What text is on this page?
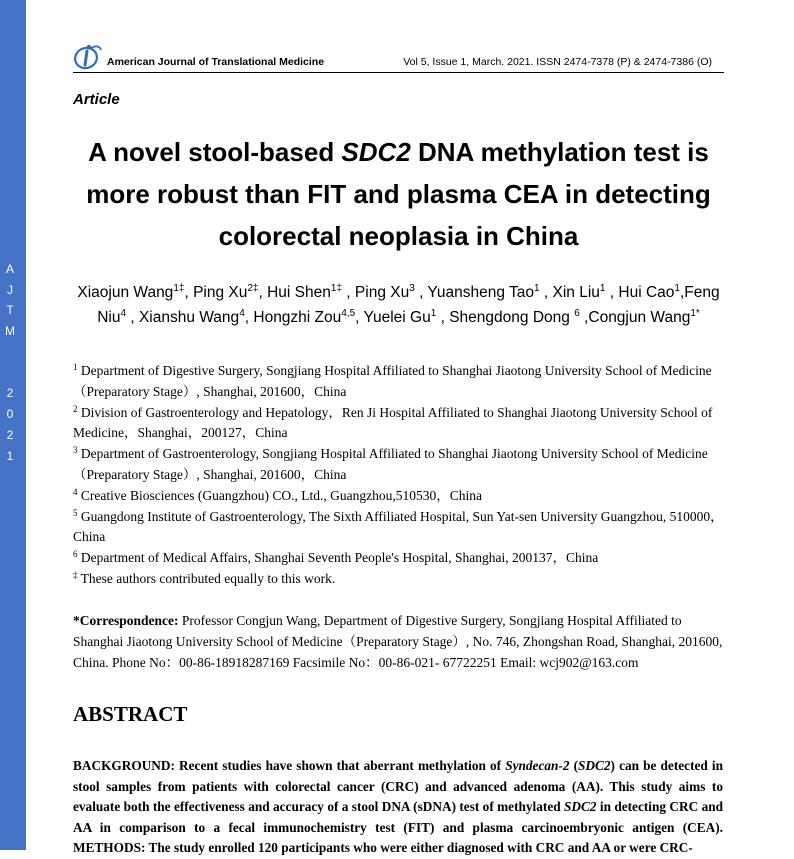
A
J
T
M
2
0
2
1
American Journal of Translational Medicine	Vol 5, Issue 1, March. 2021. ISSN 2474-7378 (P) & 2474-7386 (O)
Article
A novel stool-based SDC2 DNA methylation test is more robust than FIT and plasma CEA in detecting colorectal neoplasia in China
Xiaojun Wang$^{1\ddagger}$, Ping $Xu^{2\ddagger}$, Hui Shen$^{1\ddagger}$ , Ping Xu$^3$ , Yuansheng Tao$^1$ , Xin Liu$^1$ , Hui Cao$^1$,Feng Niu$^4$ , Xianshu Wang$^4$, Hongzhi Zou$^{4,5}$, Yuelei Gu$^1$ , Shengdong Dong $^6$ ,Congjun Wang$^{1*}$
$^1$ Department of Digestive Surgery, Songjiang Hospital Affiliated to Shanghai Jiaotong University School of Medicine（Preparatory Stage）, Shanghai, 201600，China
$^2$ Division of Gastroenterology and Hepatology，Ren Ji Hospital Affiliated to Shanghai Jiaotong University School of Medicine，Shanghai，200127，China
$^3$ Department of Gastroenterology, Songjiang Hospital Affiliated to Shanghai Jiaotong University School of Medicine（Preparatory Stage）, Shanghai, 201600，China
$^4$ Creative Biosciences (Guangzhou) CO., Ltd., Guangzhou,510530，China
$^5$ Guangdong Institute of Gastroenterology, The Sixth Affiliated Hospital, Sun Yat-sen University Guangzhou, 510000，China
$^6$ Department of Medical Affairs, Shanghai Seventh People's Hospital, Shanghai, 200137，China
‡ These authors contributed equally to this work.
*Correspondence: Professor Congjun Wang, Department of Digestive Surgery, Songjiang Hospital Affiliated to Shanghai Jiaotong University School of Medicine（Preparatory Stage）, No. 746, Zhongshan Road, Shanghai, 201600, China. Phone No：00-86-18918287169 Facsimile No：00-86-021- 67722251 Email: wcj902@163.com
ABSTRACT
BACKGROUND: Recent studies have shown that aberrant methylation of Syndecan-2 (SDC2) can be detected in stool samples from patients with colorectal cancer (CRC) and advanced adenoma (AA). This study aims to evaluate both the effectiveness and accuracy of a stool DNA (sDNA) test of methylated SDC2 in detecting CRC and AA in comparison to a fecal immunochemistry test (FIT) and plasma carcinoembryonic antigen (CEA). METHODS: The study enrolled 120 participants who were either diagnosed with CRC and AA or were CRC-
